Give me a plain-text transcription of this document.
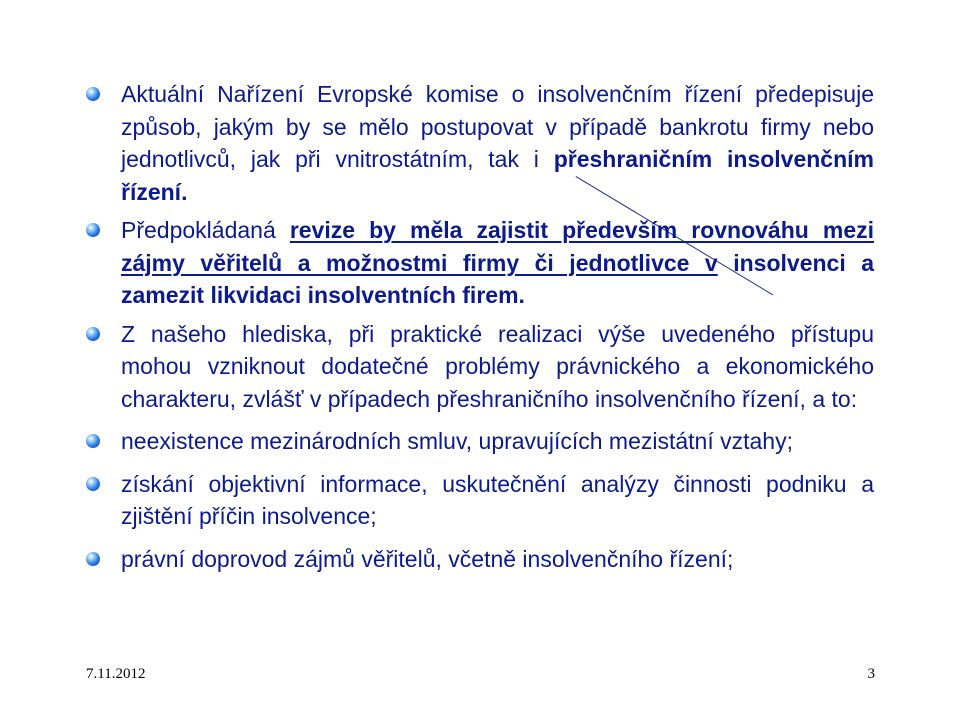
Aktuální Nařízení Evropské komise o insolvenčním řízení předepisuje způsob, jakým by se mělo postupovat v případě bankrotu firmy nebo jednotlivců, jak při vnitrostátním, tak i přeshraničním insolvenčním řízení.
Předpokládaná revize by měla zajistit především rovnováhu mezi zájmy věřitelů a možnostmi firmy či jednotlivce v insolvenci a zamezit likvidaci insolventních firem.
Z našeho hlediska, při praktické realizaci výše uvedeného přístupu mohou vzniknout dodatečné problémy právnického a ekonomického charakteru, zvlášť v případech přeshraničního insolvenčního řízení, a to:
neexistence mezinárodních smluv, upravujících mezistátní vztahy;
získání objektivní informace, uskutečnění analýzy činnosti podniku a zjištění příčin insolvence;
právní doprovod zájmů věřitelů, včetně insolvenčního řízení;
7.11.2012	3
